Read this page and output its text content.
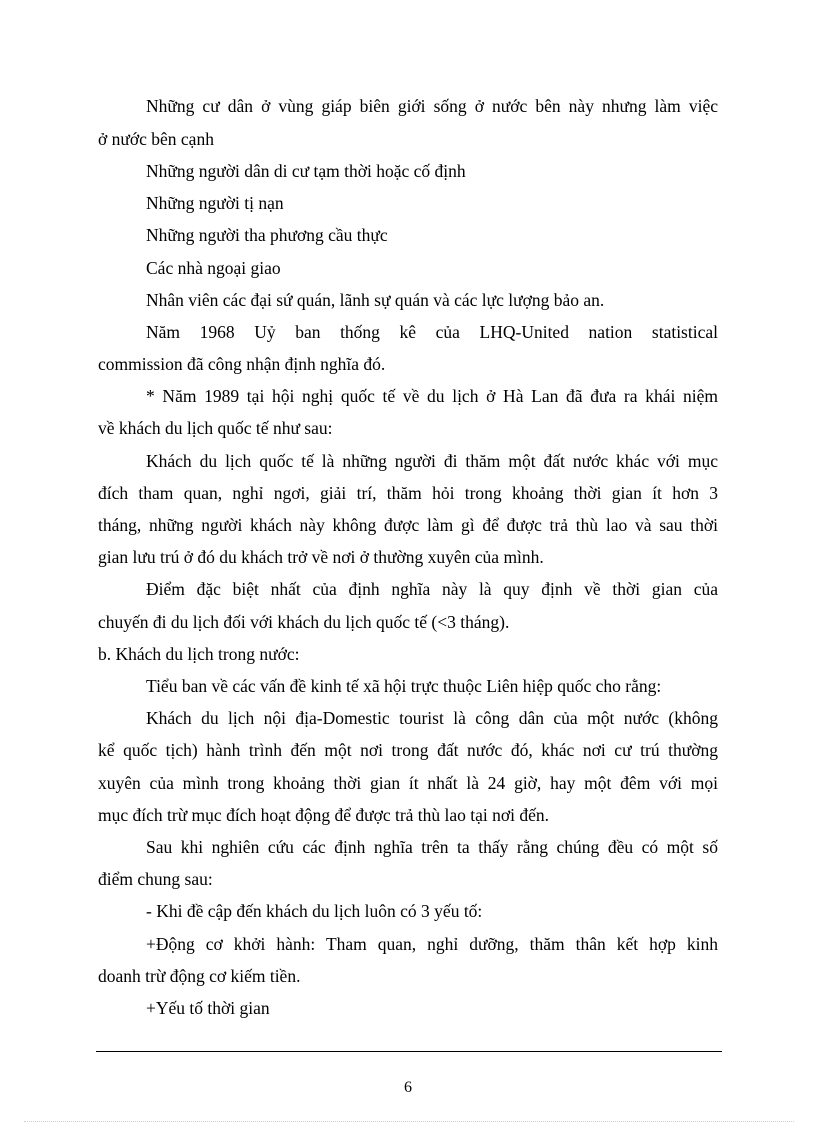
Những cư dân ở vùng giáp biên giới sống ở nước bên này nhưng làm việc
ở nước bên cạnh
Những người dân di cư tạm thời hoặc cố định
Những người tị nạn
Những người tha phương cầu thực
Các nhà ngoại giao
Nhân viên các đại sứ quán, lãnh sự quán và các lực lượng bảo an.
Năm 1968 Uỷ ban thống kê của LHQ-United nation statistical
commission đã công nhận định nghĩa đó.
* Năm 1989 tại hội nghị quốc tế về du lịch ở Hà Lan đã đưa ra khái niệm
về khách du lịch quốc tế như sau:
Khách du lịch quốc tế là những người đi thăm một đất nước khác với mục
đích tham quan, nghỉ ngơi, giải trí, thăm hỏi trong khoảng thời gian ít hơn 3
tháng, những người khách này không được làm gì để được trả thù lao và sau thời
gian lưu trú ở đó du khách trở về nơi ở thường xuyên của mình.
Điểm đặc biệt nhất của định nghĩa này là quy định về thời gian của
chuyến đi du lịch đối với khách du lịch quốc tế (<3 tháng).
b. Khách du lịch trong nước:
Tiểu ban về các vấn đề kinh tế xã hội trực thuộc Liên hiệp quốc cho rằng:
Khách du lịch nội địa-Domestic tourist là công dân của một nước (không
kể quốc tịch) hành trình đến một nơi trong đất nước đó, khác nơi cư trú thường
xuyên của mình trong khoảng thời gian ít nhất là 24 giờ, hay một đêm với mọi
mục đích trừ mục đích hoạt động để được trả thù lao tại nơi đến.
Sau khi nghiên cứu các định nghĩa trên ta thấy rằng chúng đều có một số
điểm chung sau:
- Khi đề cập đến khách du lịch luôn có 3 yếu tố:
+Động cơ khởi hành: Tham quan, nghỉ dưỡng, thăm thân kết hợp kinh
doanh trừ động cơ kiếm tiền.
+Yếu tố thời gian
6
